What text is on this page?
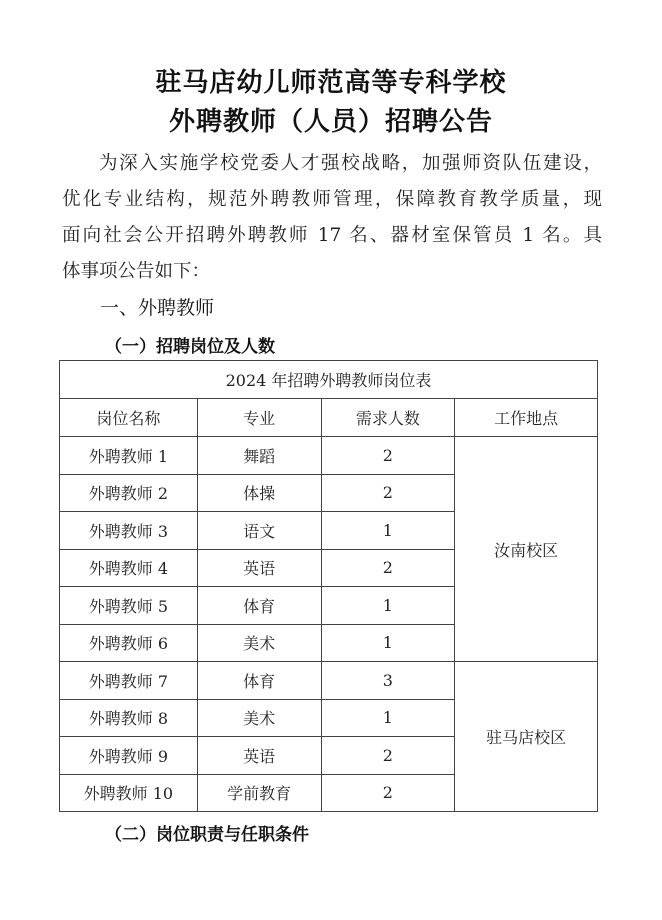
驻马店幼儿师范高等专科学校
外聘教师（人员）招聘公告
为深入实施学校党委人才强校战略，加强师资队伍建设，
优化专业结构，规范外聘教师管理，保障教育教学质量，现
面向社会公开招聘外聘教师 17 名、器材室保管员 1 名。具
体事项公告如下：
一、外聘教师
（一）招聘岗位及人数
2024 年招聘外聘教师岗位表			
岗位名称	专业	需求人数	工作地点
外聘教师 1	舞蹈	2	汝南校区
外聘教师 2	体操	2	
外聘教师 3	语文	1	
外聘教师 4	英语	2	
外聘教师 5	体育	1	
外聘教师 6	美术	1	
外聘教师 7	体育	3	驻马店校区
外聘教师 8	美术	1	
外聘教师 9	英语	2	
外聘教师 10	学前教育	2	
（二）岗位职责与任职条件
